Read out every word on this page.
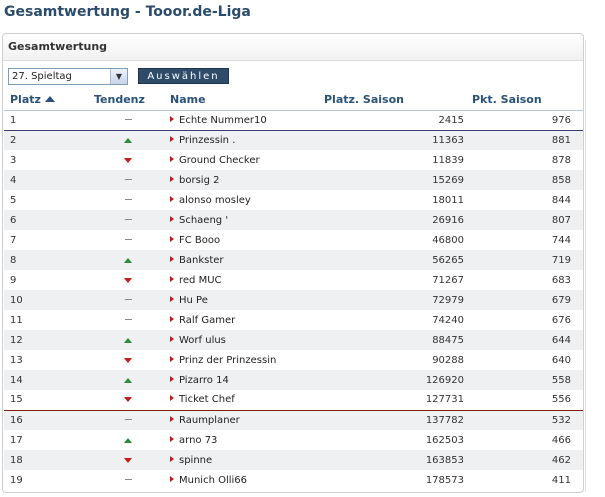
Gesamtwertung - Tooor.de-Liga
Gesamtwertung
27. Spieltag	▼	Auswählen
Platz	Tendenz	Name	Platz. Saison	Pkt. Saison
1		Echte Nummer10	2415	976
2		Prinzessin .	11363	881
3		Ground Checker	11839	878
4		borsig 2	15269	858
5		alonso mosley	18011	844
6		Schaeng '	26916	807
7		FC Booo	46800	744
8		Bankster	56265	719
9		red MUC	71267	683
10		Hu Pe	72979	679
11		Ralf Gamer	74240	676
12		Worf ulus	88475	644
13		Prinz der Prinzessin	90288	640
14		Pizarro 14	126920	558
15		Ticket Chef	127731	556
16		Raumplaner	137782	532
17		arno 73	162503	466
18		spinne	163853	462
19		Munich Olli66	178573	411
